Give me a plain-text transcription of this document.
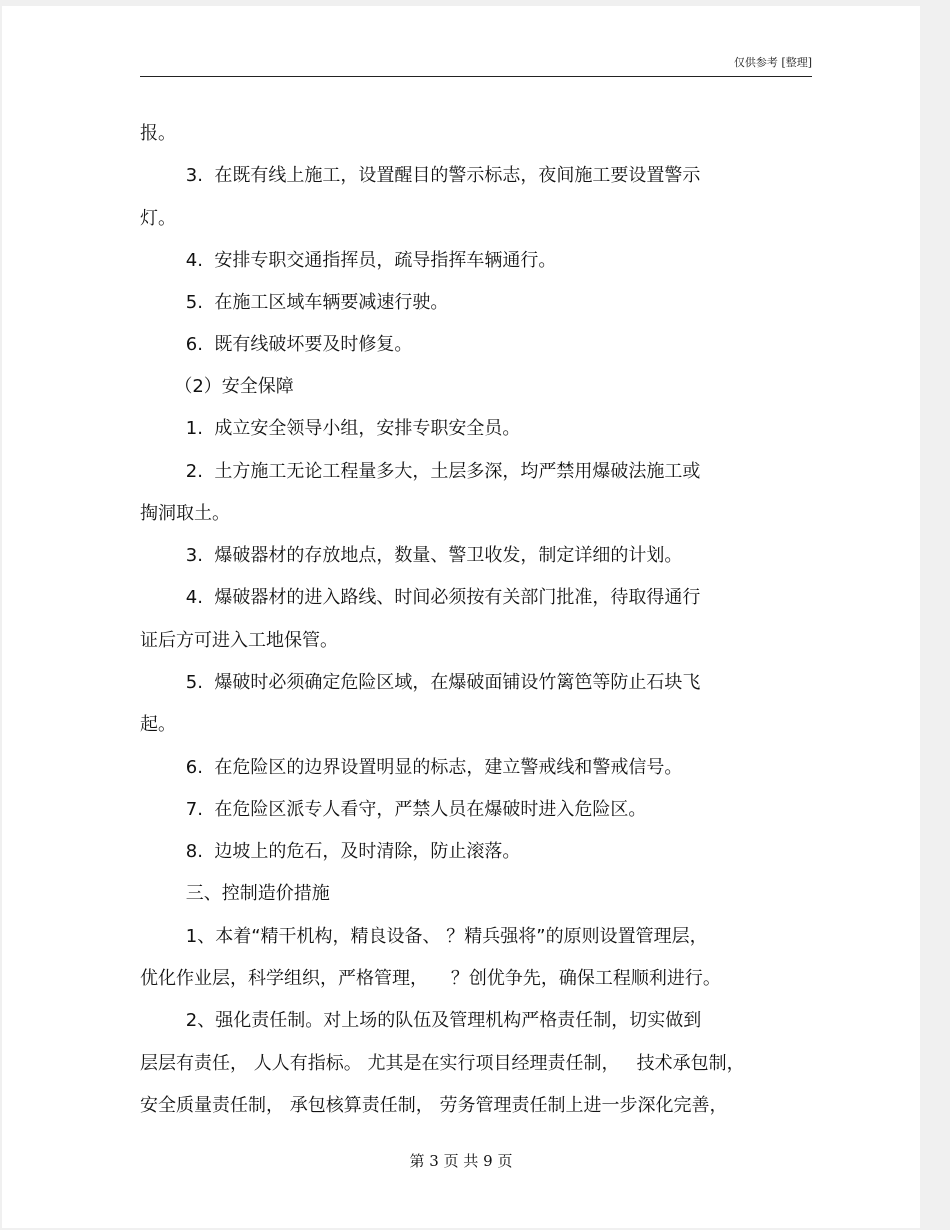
仅供参考 [整理]
报。
3.  在既有线上施工，设置醒目的警示标志，夜间施工要设置警示
灯。
4.  安排专职交通指挥员，疏导指挥车辆通行。
5.  在施工区域车辆要减速行驶。
6.  既有线破坏要及时修复。
（2）安全保障
1.  成立安全领导小组，安排专职安全员。
2.  土方施工无论工程量多大，土层多深，均严禁用爆破法施工或
掏洞取土。
3.  爆破器材的存放地点，数量、警卫收发，制定详细的计划。
4.  爆破器材的进入路线、时间必须按有关部门批准，待取得通行
证后方可进入工地保管。
5.  爆破时必须确定危险区域，在爆破面铺设竹篱笆等防止石块飞
起。
6.  在危险区的边界设置明显的标志，建立警戒线和警戒信号。
7.  在危险区派专人看守，严禁人员在爆破时进入危险区。
8.  边坡上的危石，及时清除，防止滚落。
三、控制造价措施
1、本着“精干机构，精良设备、 ？精兵强将”的原则设置管理层，
优化作业层，科学组织，严格管理，    ？创优争先，确保工程顺利进行。
2、强化责任制。对上场的队伍及管理机构严格责任制，切实做到
层层有责任， 人人有指标。 尤其是在实行项目经理责任制，   技术承包制，
安全质量责任制， 承包核算责任制， 劳务管理责任制上进一步深化完善，
第 3 页 共 9 页
